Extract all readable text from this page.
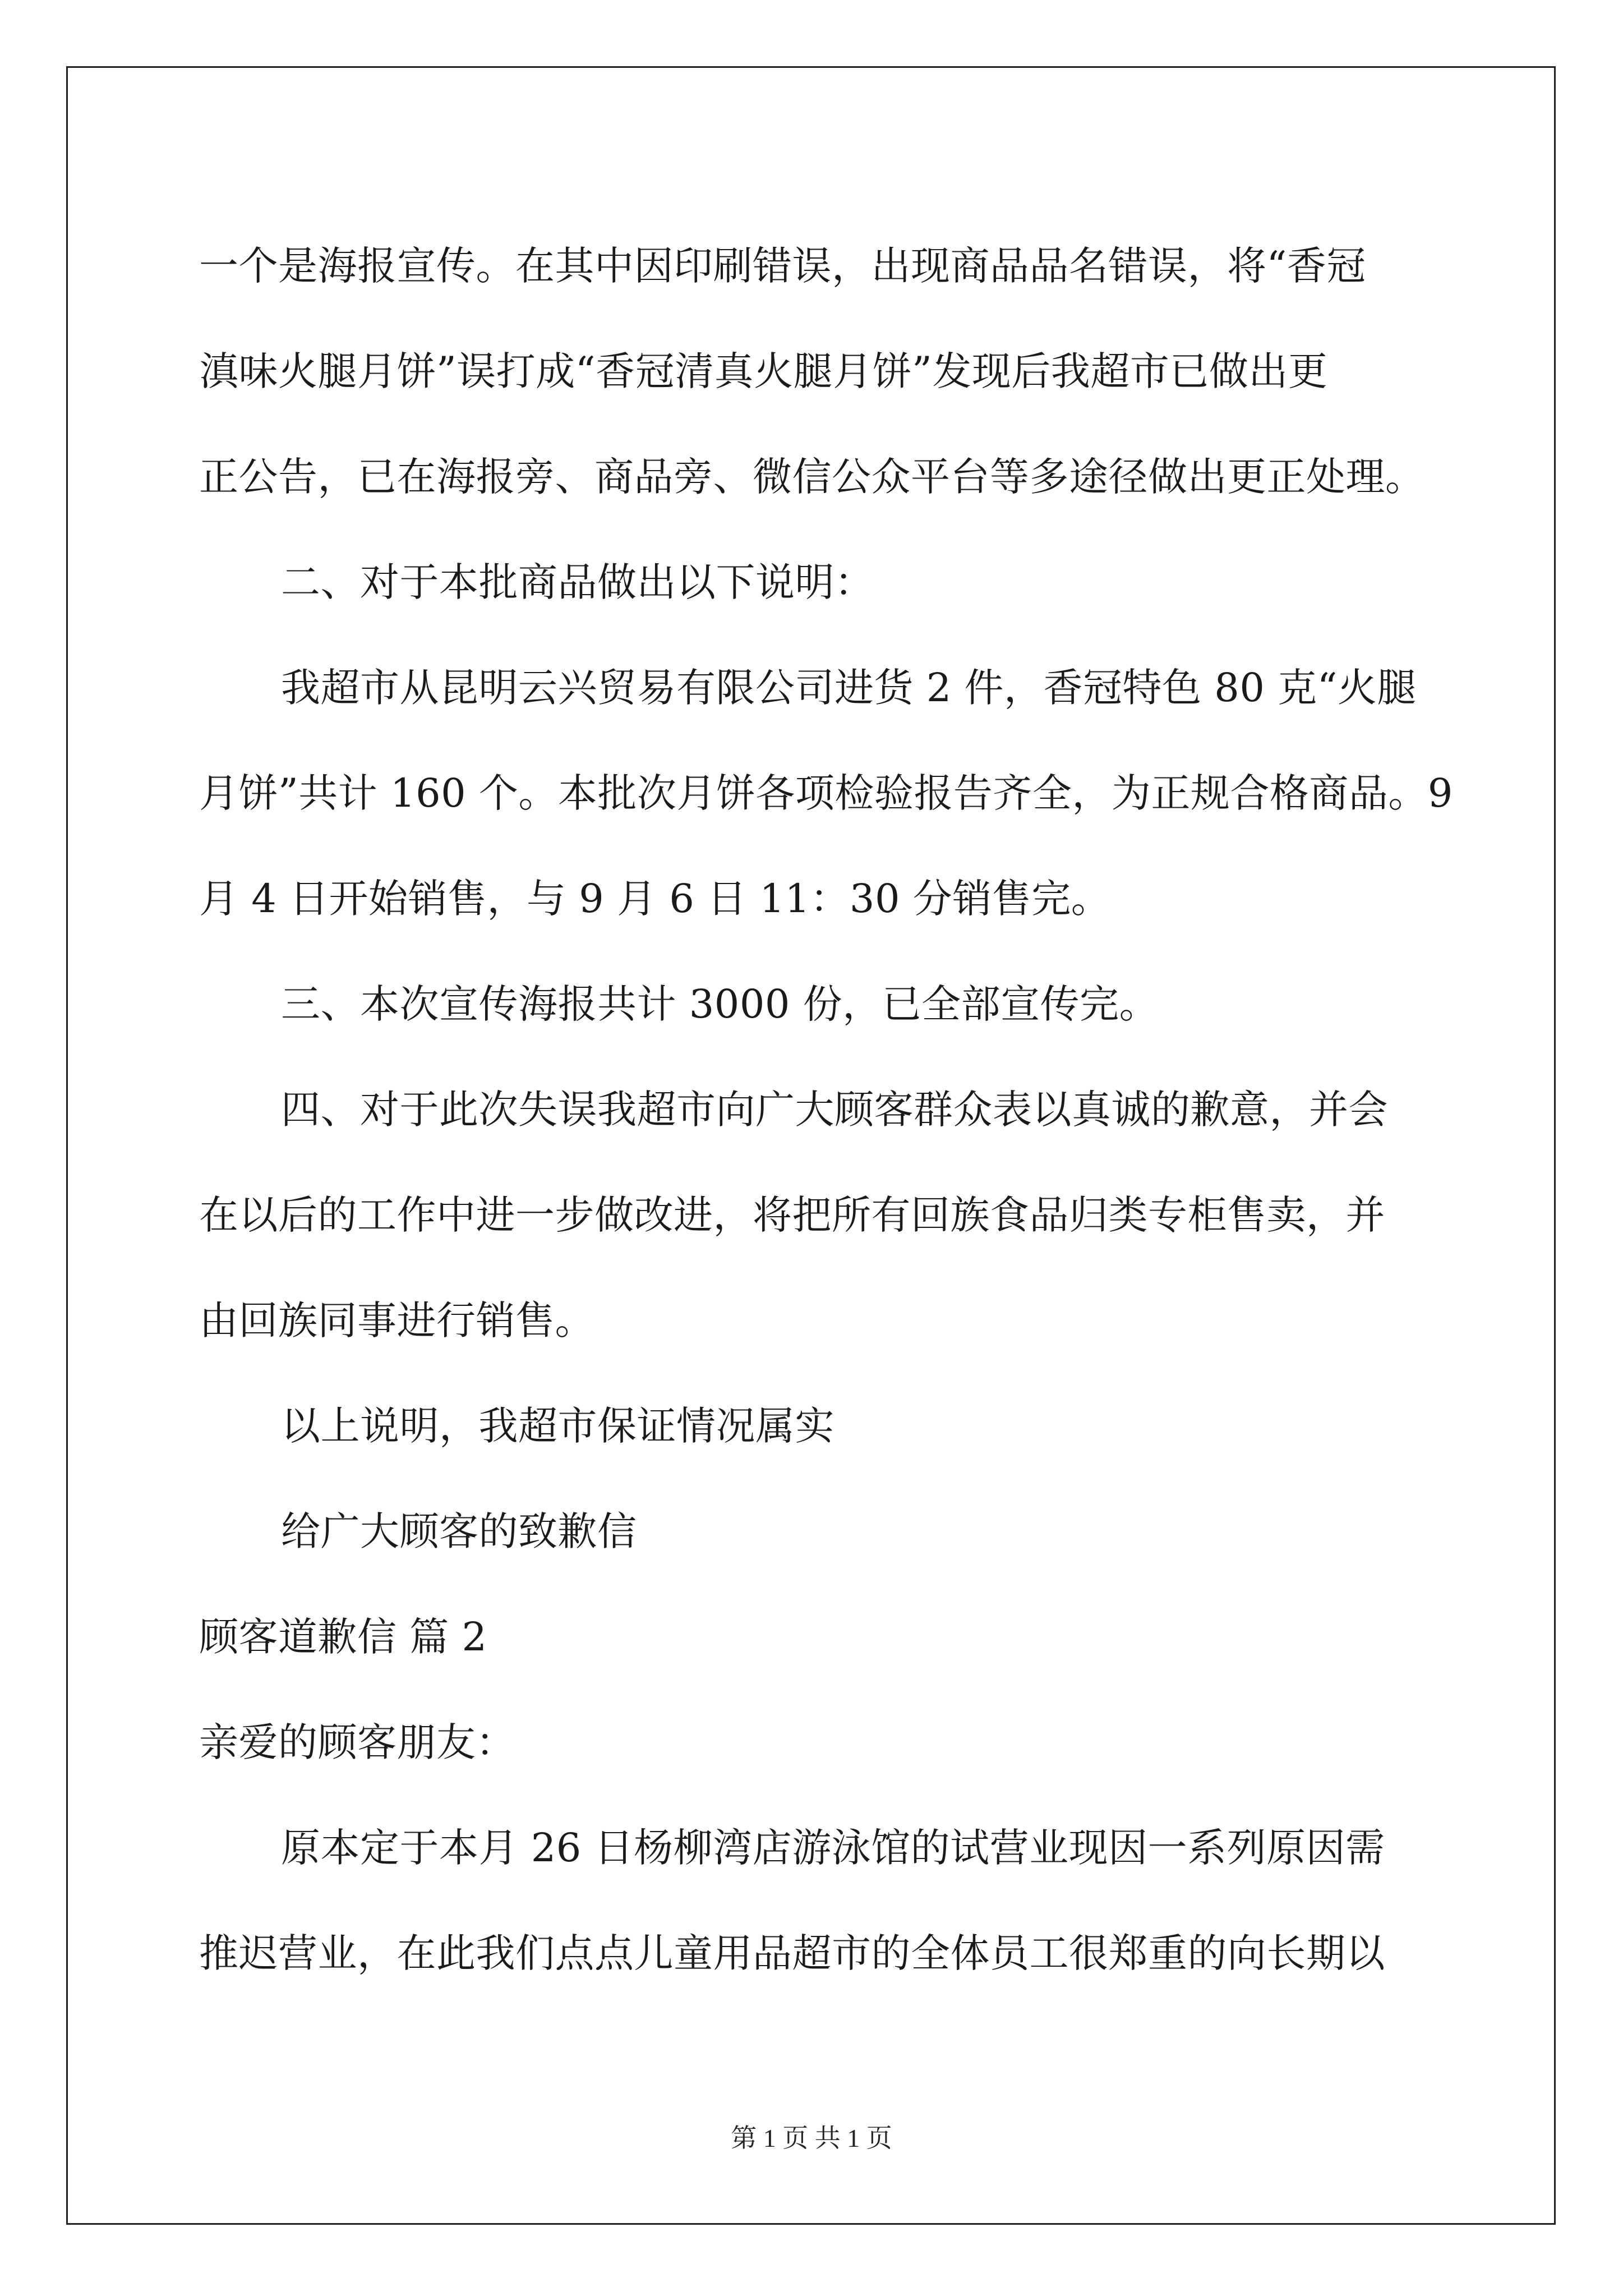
一个是海报宣传。在其中因印刷错误，出现商品品名错误，将“香冠
滇味火腿月饼”误打成“香冠清真火腿月饼”发现后我超市已做出更
正公告，已在海报旁、商品旁、微信公众平台等多途径做出更正处理。
二、对于本批商品做出以下说明：
我超市从昆明云兴贸易有限公司进货 2 件，香冠特色 80 克“火腿
月饼”共计 160 个。本批次月饼各项检验报告齐全，为正规合格商品。9
月 4 日开始销售，与 9 月 6 日 11：30 分销售完。
三、本次宣传海报共计 3000 份，已全部宣传完。
四、对于此次失误我超市向广大顾客群众表以真诚的歉意，并会
在以后的工作中进一步做改进，将把所有回族食品归类专柜售卖，并
由回族同事进行销售。
以上说明，我超市保证情况属实
给广大顾客的致歉信
顾客道歉信 篇 2
亲爱的顾客朋友：
原本定于本月 26 日杨柳湾店游泳馆的试营业现因一系列原因需
推迟营业，在此我们点点儿童用品超市的全体员工很郑重的向长期以

第 1 页 共 1 页
